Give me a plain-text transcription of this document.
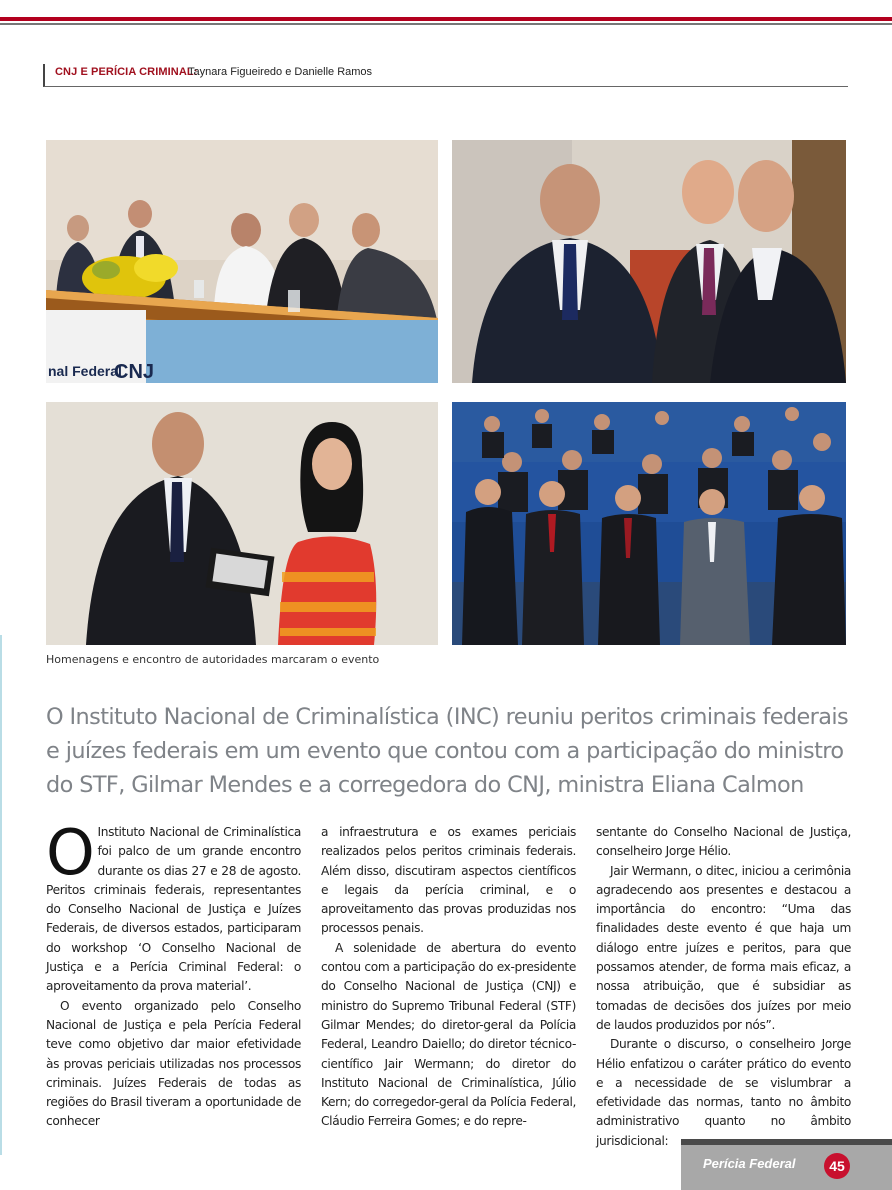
CNJ E PERÍCIA CRIMINAL:
Taynara Figueiredo e Danielle Ramos
nal Federal
CNJ
Homenagens e encontro de autoridades marcaram o evento
O Instituto Nacional de Criminalística (INC) reuniu peritos criminais federais e juízes federais em um evento que contou com a participação do ministro do STF, Gilmar Mendes e a corregedora do CNJ, ministra Eliana Calmon

O Instituto Nacional de Criminalística foi palco de um grande encontro durante os dias 27 e 28 de agosto. Peritos criminais federais, representantes do Conselho Nacional de Justiça e Juízes Federais, de diversos estados, participaram do workshop ‘O Conselho Nacional de Justiça e a Perícia Criminal Federal: o aproveitamento da prova material’.

O evento organizado pelo Conselho Nacional de Justiça e pela Perícia Federal teve como objetivo dar maior efetividade às provas periciais utilizadas nos processos criminais. Juízes Federais de todas as regiões do Brasil tiveram a oportunidade de conhecer

a infraestrutura e os exames periciais realizados pelos peritos criminais federais. Além disso, discutiram aspectos científicos e legais da perícia criminal, e o aproveitamento das provas produzidas nos processos penais.

A solenidade de abertura do evento contou com a participação do ex-presidente do Conselho Nacional de Justiça (CNJ) e ministro do Supremo Tribunal Federal (STF) Gilmar Mendes; do diretor-geral da Polícia Federal, Leandro Daiello; do diretor técnico-científico Jair Wermann; do diretor do Instituto Nacional de Criminalística, Júlio Kern; do corregedor-geral da Polícia Federal, Cláudio Ferreira Gomes; e do repre-

sentante do Conselho Nacional de Justiça, conselheiro Jorge Hélio.

Jair Wermann, o ditec, iniciou a cerimônia agradecendo aos presentes e destacou a importância do encontro: “Uma das finalidades deste evento é que haja um diálogo entre juízes e peritos, para que possamos atender, de forma mais eficaz, a nossa atribuição, que é subsidiar as tomadas de decisões dos juízes por meio de laudos produzidos por nós”.

Durante o discurso, o conselheiro Jorge Hélio enfatizou o caráter prático do evento e a necessidade de se vislumbrar a efetividade das normas, tanto no âmbito administrativo quanto no âmbito jurisdicional:

Perícia Federal	45
